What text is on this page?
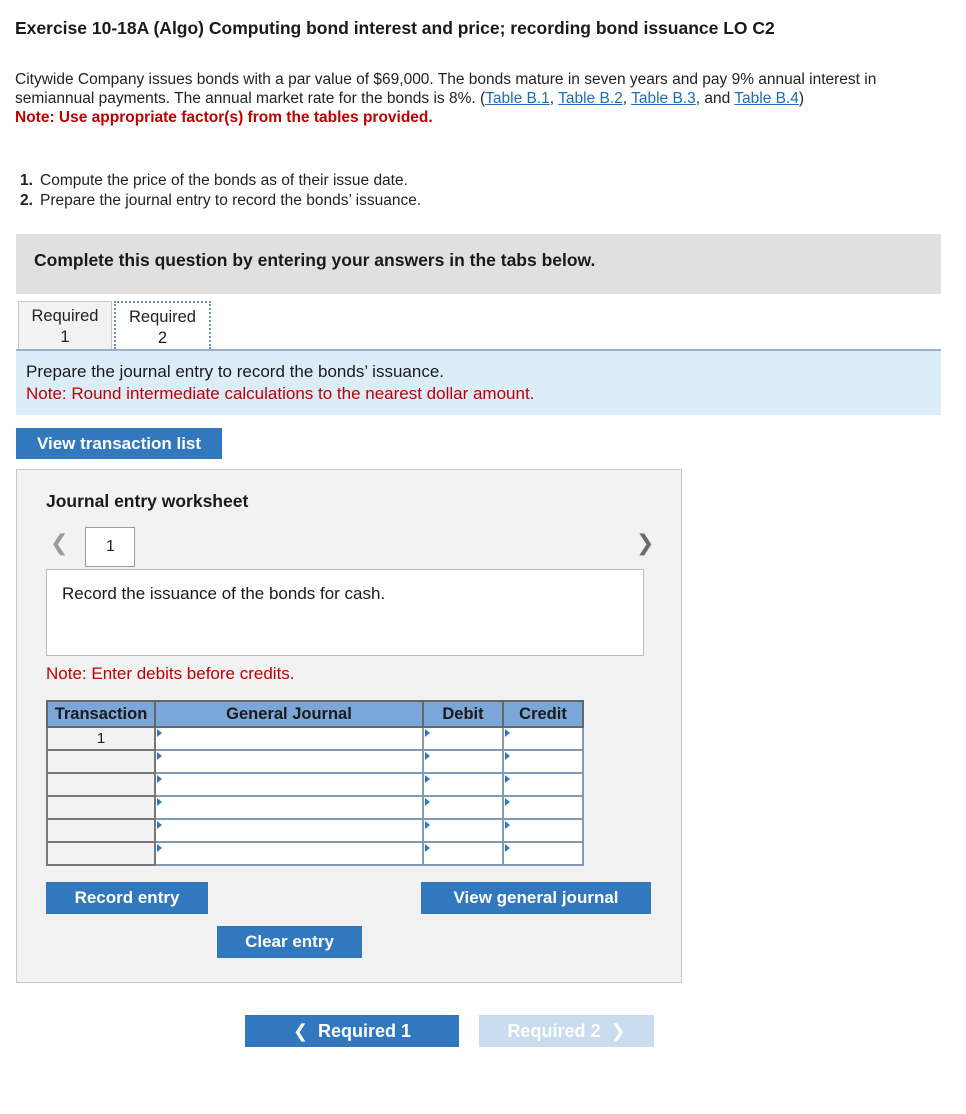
Exercise 10-18A (Algo) Computing bond interest and price; recording bond issuance LO C2
Citywide Company issues bonds with a par value of $69,000. The bonds mature in seven years and pay 9% annual interest in semiannual payments. The annual market rate for the bonds is 8%. (Table B.1, Table B.2, Table B.3, and Table B.4)
Note: Use appropriate factor(s) from the tables provided.
1. Compute the price of the bonds as of their issue date.
2. Prepare the journal entry to record the bonds’ issuance.
Complete this question by entering your answers in the tabs below.
Required
1
Required
2
Prepare the journal entry to record the bonds’ issuance.
Note: Round intermediate calculations to the nearest dollar amount.
View transaction list
Journal entry worksheet
❮	1	❯
Record the issuance of the bonds for cash.
Note: Enter debits before credits.
Transaction	General Journal	Debit	Credit
1			

Record entry	View general journal
Clear entry
❮  Required 1	Required 2  ❯
